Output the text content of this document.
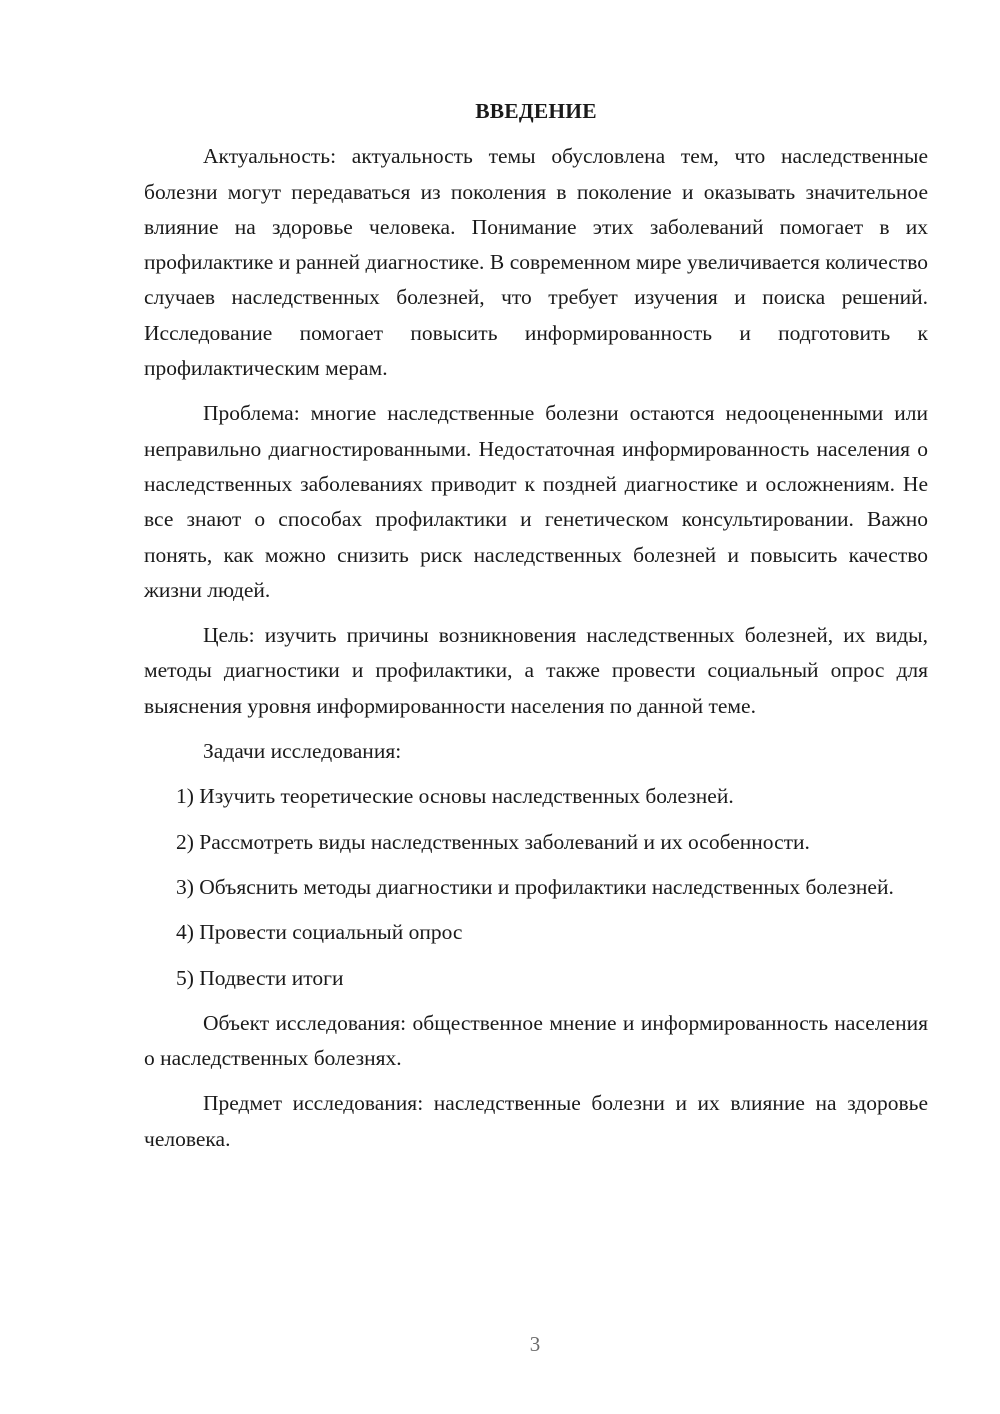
ВВЕДЕНИЕ

Актуальность: актуальность темы обусловлена тем, что наследственные болезни могут передаваться из поколения в поколение и оказывать значительное влияние на здоровье человека. Понимание этих заболеваний помогает в их профилактике и ранней диагностике. В современном мире увеличивается количество случаев наследственных болезней, что требует изучения и поиска решений. Исследование помогает повысить информированность и подготовить к профилактическим мерам.

Проблема: многие наследственные болезни остаются недооцененными или неправильно диагностированными. Недостаточная информированность населения о наследственных заболеваниях приводит к поздней диагностике и осложнениям. Не все знают о способах профилактики и генетическом консультировании. Важно понять, как можно снизить риск наследственных болезней и повысить качество жизни людей.

Цель: изучить причины возникновения наследственных болезней, их виды, методы диагностики и профилактики, а также провести социальный опрос для выяснения уровня информированности населения по данной теме.

Задачи исследования:

1) Изучить теоретические основы наследственных болезней.

2) Рассмотреть виды наследственных заболеваний и их особенности.

3) Объяснить методы диагностики и профилактики наследственных болезней.

4) Провести социальный опрос

5) Подвести итоги

Объект исследования: общественное мнение и информированность населения о наследственных болезнях.

Предмет исследования: наследственные болезни и их влияние на здоровье человека.

3
